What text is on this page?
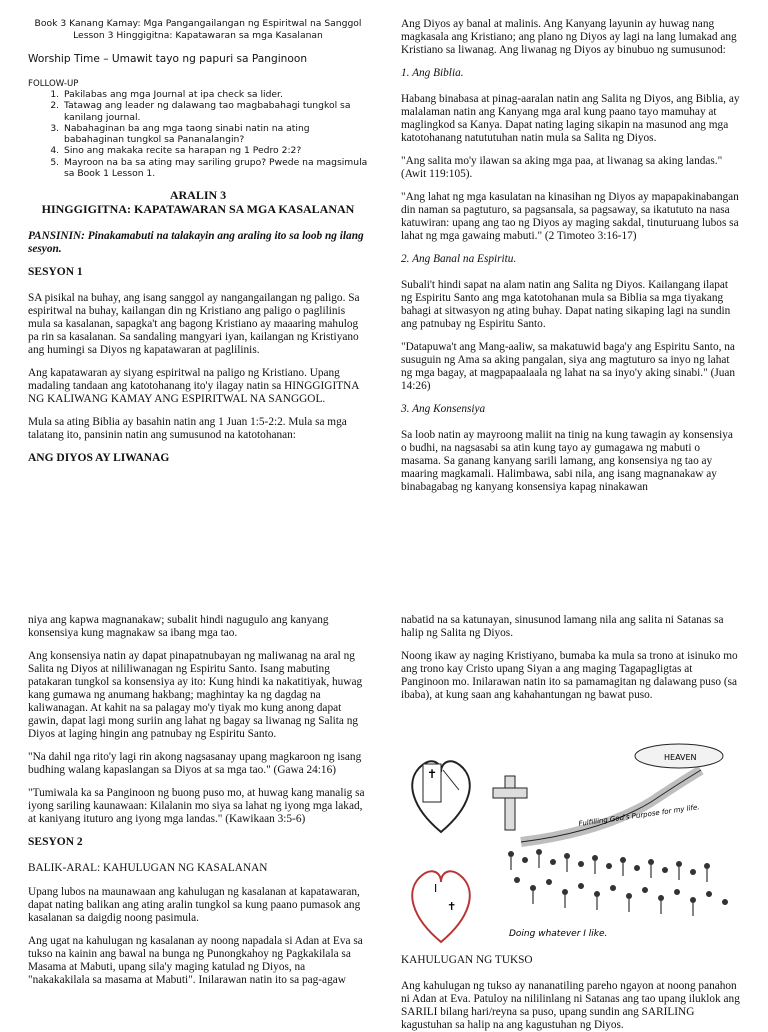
Book 3 Kanang Kamay: Mga Pangangailangan ng Espiritwal na Sanggol
Lesson 3 Hinggigitna: Kapatawaran sa mga Kasalanan
Worship Time – Umawit tayo ng papuri sa Panginoon
FOLLOW-UP
1. Pakilabas ang mga Journal at ipa check sa lider.
2. Tatawag ang leader ng dalawang tao magbabahagi tungkol sa kanilang journal.
3. Nabahaginan ba ang mga taong sinabi natin na ating babahaginan tungkol sa Pananalangin?
4. Sino ang makaka recite sa harapan ng 1 Pedro 2:2?
5. Mayroon na ba sa ating may sariling grupo? Pwede na magsimula sa Book 1 Lesson 1.
ARALIN 3
HINGGIGITNA: KAPATAWARAN SA MGA KASALANAN

PANSININ: Pinakamabuti na talakayin ang araling ito sa loob ng ilang sesyon.

SESYON 1

SA pisikal na buhay, ang isang sanggol ay nangangailangan ng paligo. Sa espiritwal na buhay, kailangan din ng Kristiano ang paligo o paglilinis mula sa kasalanan, sapagka't ang bagong Kristiano ay maaaring mahulog pa rin sa kasalanan. Sa sandaling mangyari iyan, kailangan ng Kristiyano ang humingi sa Diyos ng kapatawaran at paglilinis.

Ang kapatawaran ay siyang espiritwal na paligo ng Kristiano. Upang madaling tandaan ang katotohanang ito'y ilagay natin sa HINGGIGITNA NG KALIWANG KAMAY ANG ESPIRITWAL NA SANGGOL.

Mula sa ating Biblia ay basahin natin ang 1 Juan 1:5-2:2. Mula sa mga talatang ito, pansinin natin ang sumusunod na katotohanan:

ANG DIYOS AY LIWANAG

Ang Diyos ay banal at malinis. Ang Kanyang layunin ay huwag nang magkasala ang Kristiano; ang plano ng Diyos ay lagi na lang lumakad ang Kristiano sa liwanag. Ang liwanag ng Diyos ay binubuo ng sumusunod:

1. Ang Biblia.

Habang binabasa at pinag-aaralan natin ang Salita ng Diyos, ang Biblia, ay malalaman natin ang Kanyang mga aral kung paano tayo mamuhay at maglingkod sa Kanya. Dapat nating laging sikapin na masunod ang mga katotohanang natututuhan natin mula sa Salita ng Diyos.

"Ang salita mo'y ilawan sa aking mga paa, at liwanag sa aking landas." (Awit 119:105).

"Ang lahat ng mga kasulatan na kinasihan ng Diyos ay mapapakinabangan din naman sa pagtuturo, sa pagsansala, sa pagsaway, sa ikatututo na nasa katuwiran: upang ang tao ng Diyos ay maging sakdal, tinuturuang lubos sa lahat ng mga gawaing mabuti." (2 Timoteo 3:16-17)

2. Ang Banal na Espiritu.

Subali't hindi sapat na alam natin ang Salita ng Diyos. Kailangang ilapat ng Espiritu Santo ang mga katotohanan mula sa Biblia sa mga tiyakang bahagi at sitwasyon ng ating buhay. Dapat nating sikaping lagi na sundin ang patnubay ng Espiritu Santo.

"Datapuwa't ang Mang-aaliw, sa makatuwid baga'y ang Espiritu Santo, na susuguin ng Ama sa aking pangalan, siya ang magtuturo sa inyo ng lahat ng mga bagay, at magpapaalaala ng lahat na sa inyo'y aking sinabi." (Juan 14:26)

3. Ang Konsensiya

Sa loob natin ay mayroong maliit na tinig na kung tawagin ay konsensiya o budhi, na nagsasabi sa atin kung tayo ay gumagawa ng mabuti o masama. Sa ganang kanyang sarili lamang, ang konsensiya ng tao ay maaring magkamali. Halimbawa, sabi nila, ang isang magnanakaw ay binabagabag ng kanyang konsensiya kapag ninakawan

niya ang kapwa magnanakaw; subalit hindi nagugulo ang kanyang konsensiya kung magnakaw sa ibang mga tao.

Ang konsensiya natin ay dapat pinapatnubayan ng maliwanag na aral ng Salita ng Diyos at nililiwanagan ng Espiritu Santo. Isang mabuting patakaran tungkol sa konsensiya ay ito: Kung hindi ka nakatitiyak, huwag kang gumawa ng anumang hakbang; maghintay ka ng dagdag na kaliwanagan. At kahit na sa palagay mo'y tiyak mo kung anong dapat gawin, dapat lagi mong suriin ang lahat ng bagay sa liwanag ng Salita ng Diyos at laging hingin ang patnubay ng Espiritu Santo.

"Na dahil nga rito'y lagi rin akong nagsasanay upang magkaroon ng isang budhing walang kapaslangan sa Diyos at sa mga tao." (Gawa 24:16)

"Tumiwala ka sa Panginoon ng buong puso mo, at huwag kang manalig sa iyong sariling kaunawaan: Kilalanin mo siya sa lahat ng iyong mga lakad, at kaniyang ituturo ang iyong mga landas." (Kawikaan 3:5-6)

SESYON 2
BALIK-ARAL: KAHULUGAN NG KASALANAN

Upang lubos na maunawaan ang kahulugan ng kasalanan at kapatawaran, dapat nating balikan ang ating aralin tungkol sa kung paano pumasok ang kasalanan sa daigdig noong pasimula.

Ang ugat na kahulugan ng kasalanan ay noong napadala si Adan at Eva sa tukso na kainin ang bawal na bunga ng Punongkahoy ng Pagkakilala sa Masama at Mabuti, upang sila'y maging katulad ng Diyos, na "nakakakilala sa masama at Mabuti". Inilarawan natin ito sa pag-agaw

nabatid na sa katunayan, sinusunod lamang nila ang salita ni Satanas sa halip ng Salita ng Diyos.

Noong ikaw ay naging Kristiyano, bumaba ka mula sa trono at isinuko mo ang trono kay Cristo upang Siyan a ang maging Tagapagligtas at Panginoon mo. Inilarawan natin ito sa pamamagitan ng dalawang puso (sa ibaba), at kung saan ang kahahantungan ng bawat puso.

✝
I
✝
HEAVEN
Fulfilling God's Purpose for my life.
Doing whatever I like.
KAHULUGAN NG TUKSO

Ang kahulugan ng tukso ay nananatiling pareho ngayon at noong panahon ni Adan at Eva. Patuloy na nililinlang ni Satanas ang tao upang iluklok ang SARILI bilang hari/reyna sa puso, upang sundin ang SARILING kagustuhan sa halip na ang kagustuhan ng Diyos.
